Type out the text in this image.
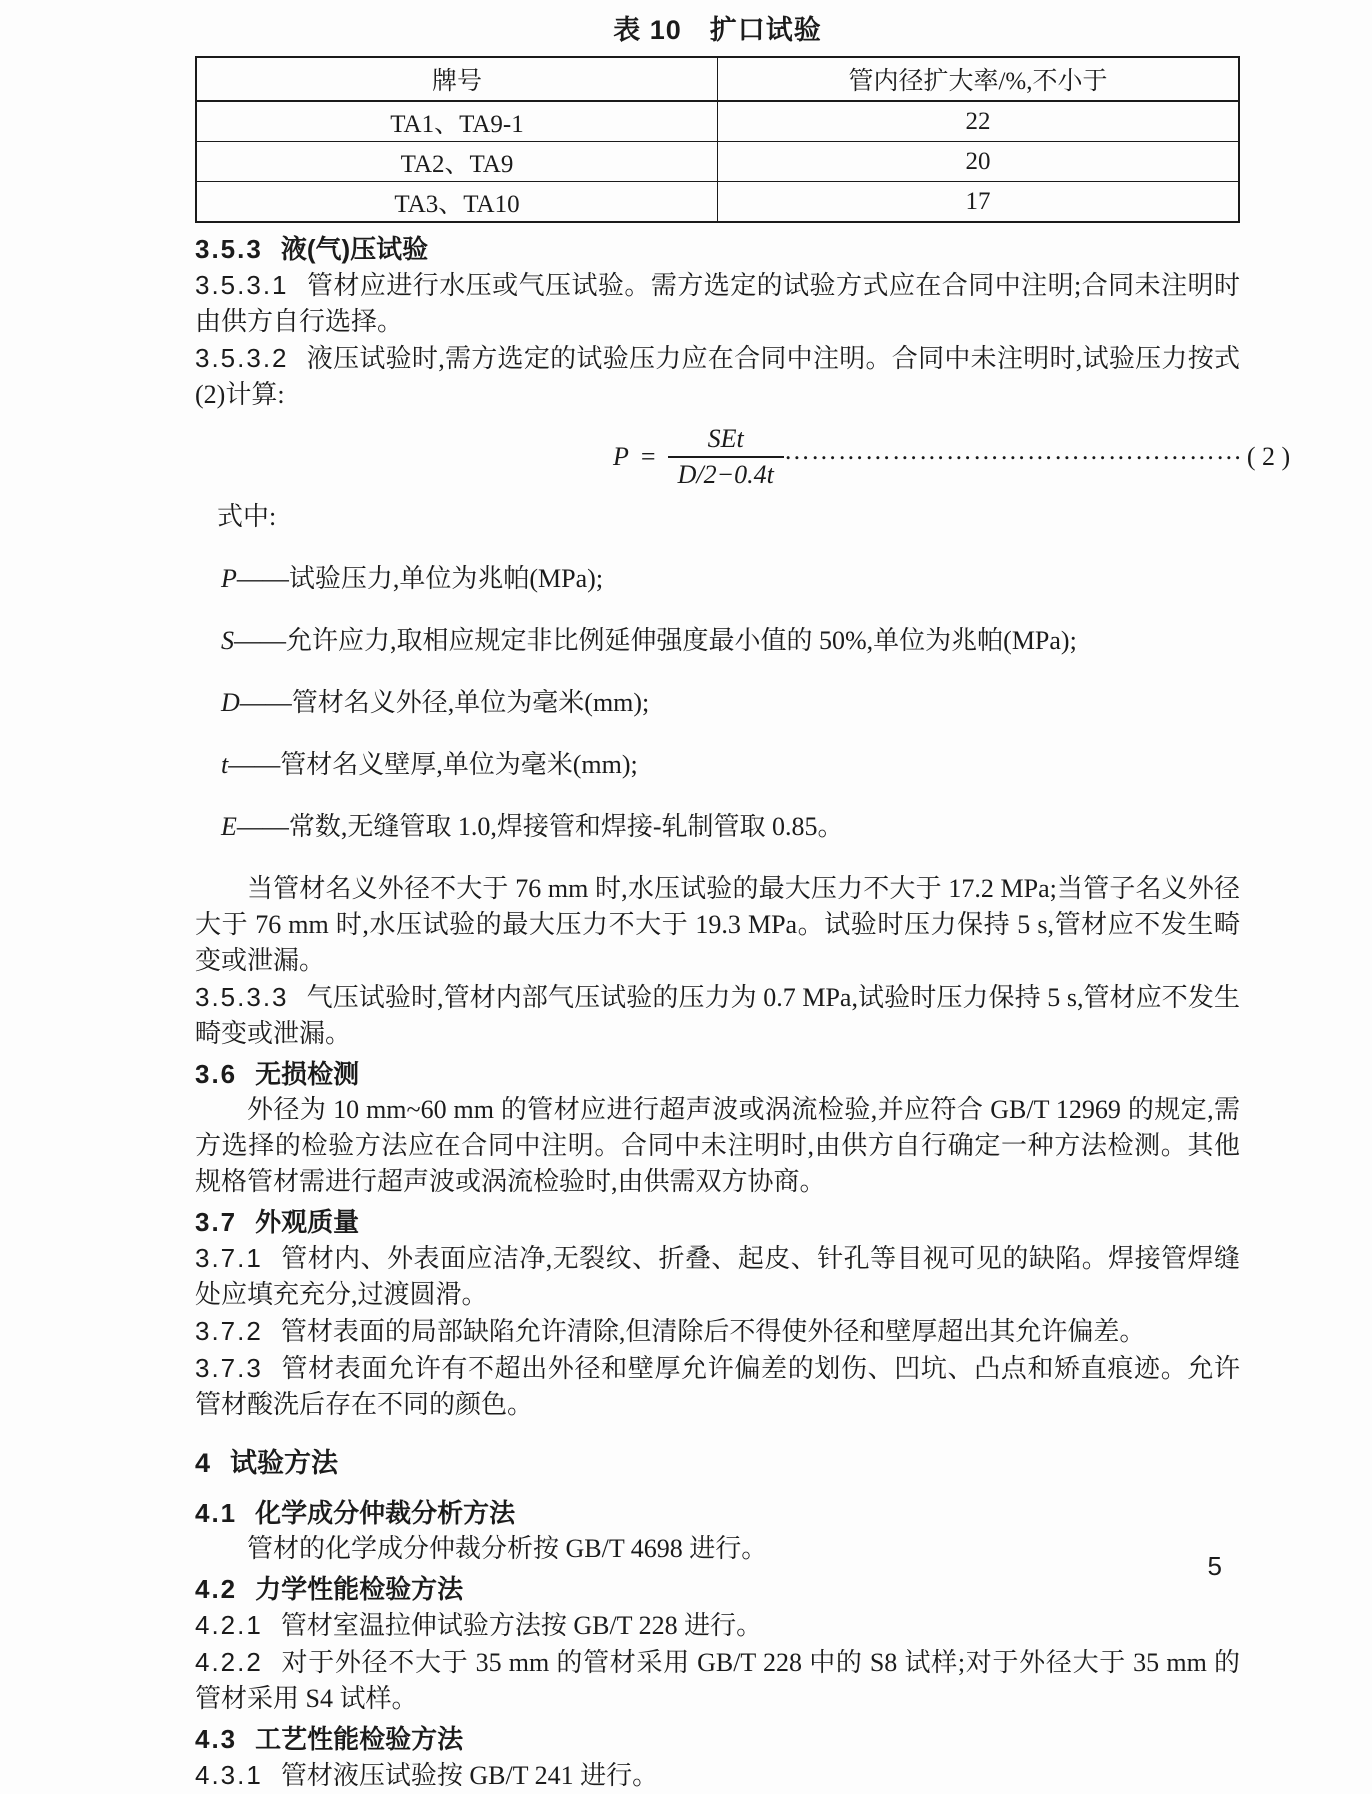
表 10　扩口试验
牌号	管内径扩大率/%,不小于
TA1、TA9-1	22
TA2、TA9	20
TA3、TA10	17

3.5.3 液(气)压试验

3.5.3.1 管材应进行水压或气压试验。需方选定的试验方式应在合同中注明;合同未注明时由供方自行选择。

3.5.3.2 液压试验时,需方选定的试验压力应在合同中注明。合同中未注明时,试验压力按式(2)计算:

$P = \frac{\text{SEt}}{D/2-0.4t}$ …………………………………………… ( 2 )

式中:

P——试验压力,单位为兆帕(MPa);

S——允许应力,取相应规定非比例延伸强度最小值的 50%,单位为兆帕(MPa);

D——管材名义外径,单位为毫米(mm);

t——管材名义壁厚,单位为毫米(mm);

E——常数,无缝管取 1.0,焊接管和焊接-轧制管取 0.85。

当管材名义外径不大于 76 mm 时,水压试验的最大压力不大于 17.2 MPa;当管子名义外径大于 76 mm 时,水压试验的最大压力不大于 19.3 MPa。试验时压力保持 5 s,管材应不发生畸变或泄漏。

3.5.3.3 气压试验时,管材内部气压试验的压力为 0.7 MPa,试验时压力保持 5 s,管材应不发生畸变或泄漏。

3.6 无损检测

外径为 10 mm~60 mm 的管材应进行超声波或涡流检验,并应符合 GB/T 12969 的规定,需方选择的检验方法应在合同中注明。合同中未注明时,由供方自行确定一种方法检测。其他规格管材需进行超声波或涡流检验时,由供需双方协商。

3.7 外观质量

3.7.1 管材内、外表面应洁净,无裂纹、折叠、起皮、针孔等目视可见的缺陷。焊接管焊缝处应填充充分,过渡圆滑。

3.7.2 管材表面的局部缺陷允许清除,但清除后不得使外径和壁厚超出其允许偏差。

3.7.3 管材表面允许有不超出外径和壁厚允许偏差的划伤、凹坑、凸点和矫直痕迹。允许管材酸洗后存在不同的颜色。

4 试验方法

4.1 化学成分仲裁分析方法

管材的化学成分仲裁分析按 GB/T 4698 进行。

4.2 力学性能检验方法

4.2.1 管材室温拉伸试验方法按 GB/T 228 进行。

4.2.2 对于外径不大于 35 mm 的管材采用 GB/T 228 中的 S8 试样;对于外径大于 35 mm 的管材采用 S4 试样。

4.3 工艺性能检验方法

4.3.1 管材液压试验按 GB/T 241 进行。

5
